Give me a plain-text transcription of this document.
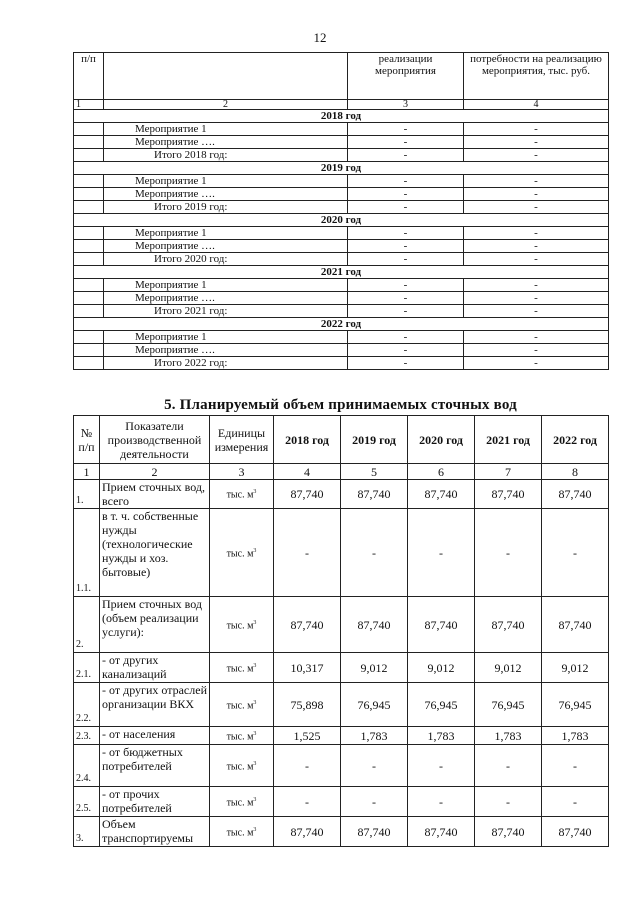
12
п/п		реализации мероприятия	потребности на реализацию мероприятия, тыс. руб.
1	2	3	4
2018 год			
	Мероприятие 1	-	-
	Мероприятие ….	-	-
	Итого 2018 год:	-	-
2019 год			
	Мероприятие 1	-	-
	Мероприятие ….	-	-
	Итого 2019 год:	-	-
2020 год			
	Мероприятие 1	-	-
	Мероприятие ….	-	-
	Итого 2020 год:	-	-
2021 год			
	Мероприятие 1	-	-
	Мероприятие ….	-	-
	Итого 2021 год:	-	-
2022 год			
	Мероприятие 1	-	-
	Мероприятие ….	-	-
	Итого 2022 год:	-	-
5. Планируемый объем принимаемых сточных вод
№ п/п	Показатели производственной деятельности	Единицы измерения	2018 год	2019 год	2020 год	2021 год	2022 год
1	2	3	4	5	6	7	8
1.	Прием сточных вод, всего	тыс. $м^3$	87,740	87,740	87,740	87,740	87,740
1.1.	в т. ч. собственные нужды (технологические нужды и хоз. бытовые)	тыс. $м^3$	-	-	-	-	-
2.	Прием сточных вод (объем реализации услуги):	тыс. $м^3$	87,740	87,740	87,740	87,740	87,740
2.1.	- от других канализаций	тыс. $м^3$	10,317	9,012	9,012	9,012	9,012
2.2.	- от других отраслей организации ВКХ	тыс. $м^3$	75,898	76,945	76,945	76,945	76,945
2.3.	- от населения	тыс. $м^3$	1,525	1,783	1,783	1,783	1,783
2.4.	- от бюджетных потребителей	тыс. $м^3$	-	-	-	-	-
2.5.	- от прочих потребителей	тыс. $м^3$	-	-	-	-	-
3.	Объем транспортируемы	тыс. $м^3$	87,740	87,740	87,740	87,740	87,740
